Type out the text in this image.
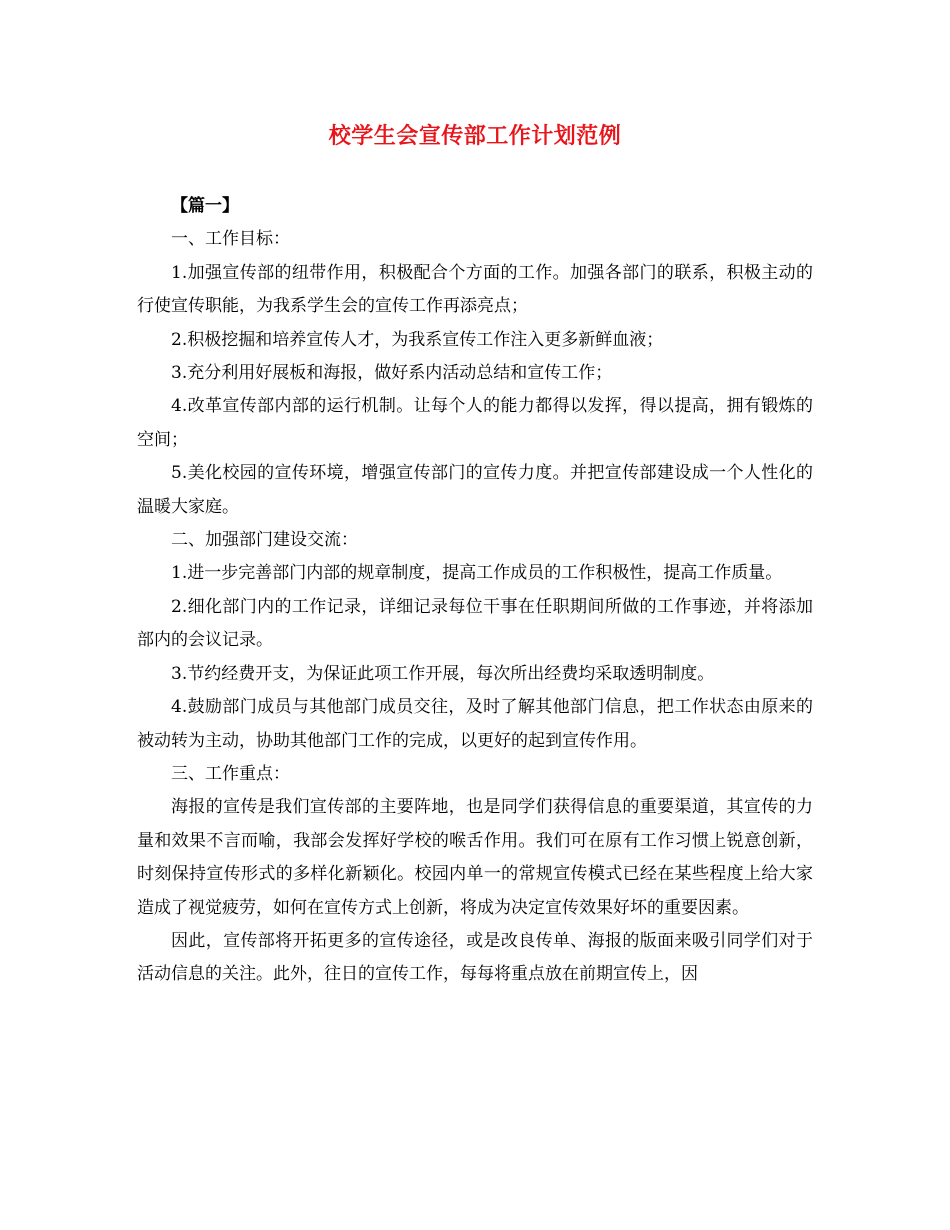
校学生会宣传部工作计划范例

【篇一】

一、工作目标：

1.加强宣传部的纽带作用，积极配合个方面的工作。加强各部门的联系，积极主动的行使宣传职能，为我系学生会的宣传工作再添亮点；

2.积极挖掘和培养宣传人才，为我系宣传工作注入更多新鲜血液；

3.充分利用好展板和海报，做好系内活动总结和宣传工作；

4.改革宣传部内部的运行机制。让每个人的能力都得以发挥，得以提高，拥有锻炼的空间；

5.美化校园的宣传环境，增强宣传部门的宣传力度。并把宣传部建设成一个人性化的温暖大家庭。

二、加强部门建设交流：

1.进一步完善部门内部的规章制度，提高工作成员的工作积极性，提高工作质量。

2.细化部门内的工作记录，详细记录每位干事在任职期间所做的工作事迹，并将添加部内的会议记录。

3.节约经费开支，为保证此项工作开展，每次所出经费均采取透明制度。

4.鼓励部门成员与其他部门成员交往，及时了解其他部门信息，把工作状态由原来的被动转为主动，协助其他部门工作的完成，以更好的起到宣传作用。

三、工作重点：

海报的宣传是我们宣传部的主要阵地，也是同学们获得信息的重要渠道，其宣传的力量和效果不言而喻，我部会发挥好学校的喉舌作用。我们可在原有工作习惯上锐意创新，时刻保持宣传形式的多样化新颖化。校园内单一的常规宣传模式已经在某些程度上给大家造成了视觉疲劳，如何在宣传方式上创新，将成为决定宣传效果好坏的重要因素。

因此，宣传部将开拓更多的宣传途径，或是改良传单、海报的版面来吸引同学们对于活动信息的关注。此外，往日的宣传工作，每每将重点放在前期宣传上，因
